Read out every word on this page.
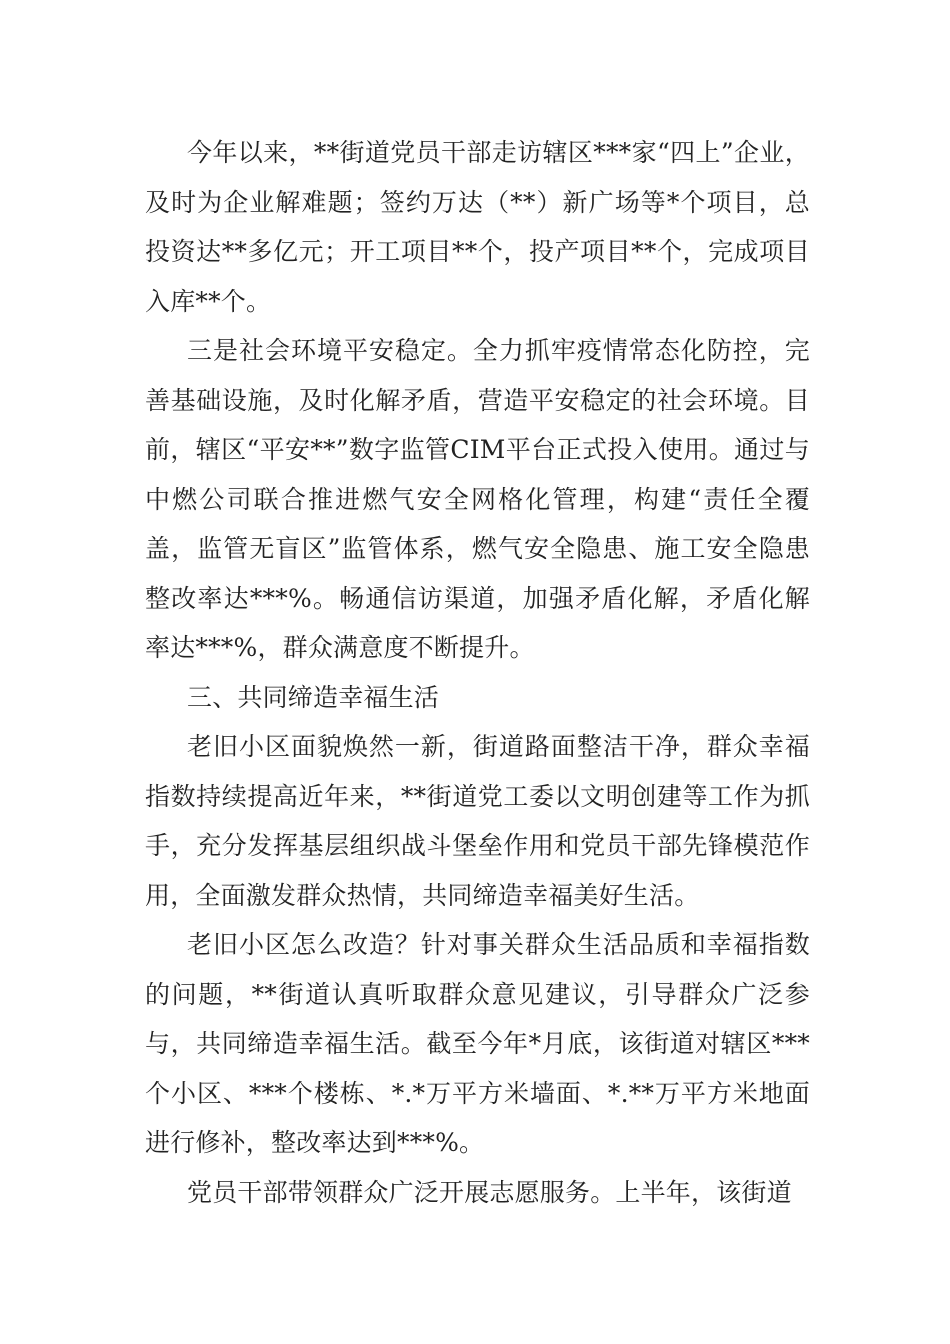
今年以来，**街道党员干部走访辖区***家“四上”企业，及时为企业解难题；签约万达（**）新广场等*个项目，总投资达**多亿元；开工项目**个，投产项目**个，完成项目入库**个。

三是社会环境平安稳定。全力抓牢疫情常态化防控，完善基础设施，及时化解矛盾，营造平安稳定的社会环境。目前，辖区“平安**”数字监管CIM平台正式投入使用。通过与中燃公司联合推进燃气安全网格化管理，构建“责任全覆盖，监管无盲区”监管体系，燃气安全隐患、施工安全隐患整改率达***%。畅通信访渠道，加强矛盾化解，矛盾化解率达***%，群众满意度不断提升。

三、共同缔造幸福生活

老旧小区面貌焕然一新，街道路面整洁干净，群众幸福指数持续提高近年来，**街道党工委以文明创建等工作为抓手，充分发挥基层组织战斗堡垒作用和党员干部先锋模范作用，全面激发群众热情，共同缔造幸福美好生活。

老旧小区怎么改造？针对事关群众生活品质和幸福指数的问题，**街道认真听取群众意见建议，引导群众广泛参与，共同缔造幸福生活。截至今年*月底，该街道对辖区***个小区、***个楼栋、*.*万平方米墙面、*.**万平方米地面进行修补，整改率达到***%。

党员干部带领群众广泛开展志愿服务。上半年，该街道
